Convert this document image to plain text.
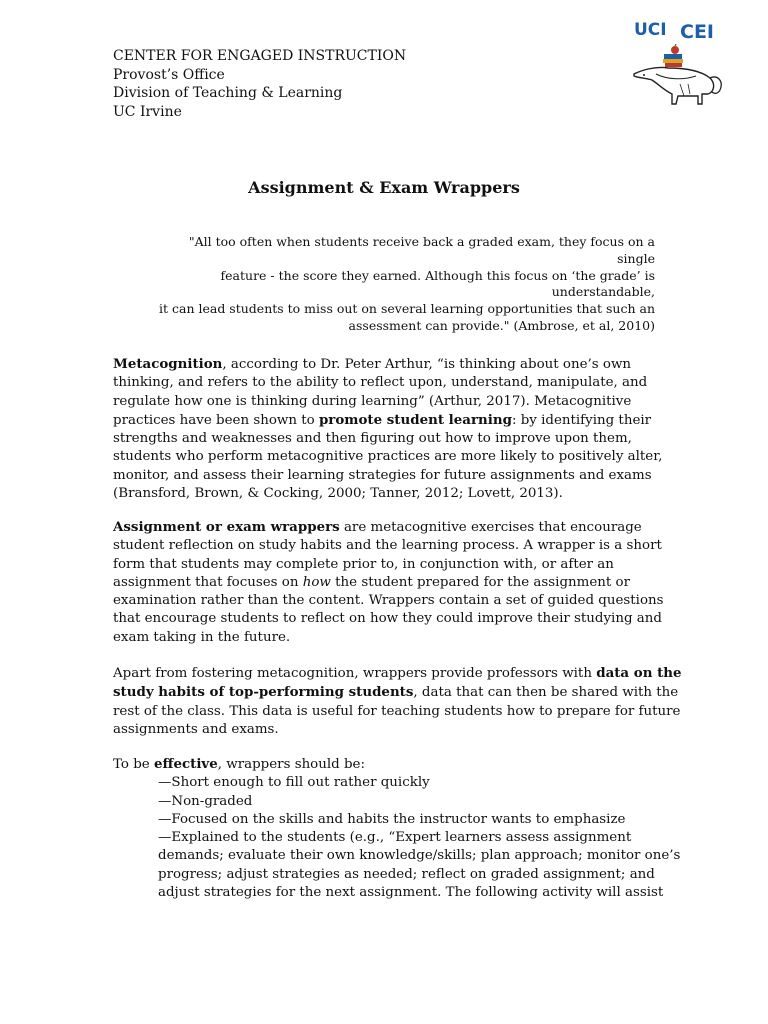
CENTER FOR ENGAGED INSTRUCTION
Provost’s Office
Division of Teaching & Learning
UC Irvine
UCI CEI
Assignment & Exam Wrappers
"All too often when students receive back a graded exam, they focus on a single
feature - the score they earned. Although this focus on ‘the grade’ is understandable,
it can lead students to miss out on several learning opportunities that such an
assessment can provide." (Ambrose, et al, 2010)
Metacognition, according to Dr. Peter Arthur, “is thinking about one’s own
thinking, and refers to the ability to reflect upon, understand, manipulate, and
regulate how one is thinking during learning” (Arthur, 2017). Metacognitive
practices have been shown to promote student learning: by identifying their
strengths and weaknesses and then figuring out how to improve upon them,
students who perform metacognitive practices are more likely to positively alter,
monitor, and assess their learning strategies for future assignments and exams
(Bransford, Brown, & Cocking, 2000; Tanner, 2012; Lovett, 2013).
Assignment or exam wrappers are metacognitive exercises that encourage
student reflection on study habits and the learning process. A wrapper is a short
form that students may complete prior to, in conjunction with, or after an
assignment that focuses on how the student prepared for the assignment or
examination rather than the content. Wrappers contain a set of guided questions
that encourage students to reflect on how they could improve their studying and
exam taking in the future.
Apart from fostering metacognition, wrappers provide professors with data on the
study habits of top-performing students, data that can then be shared with the
rest of the class. This data is useful for teaching students how to prepare for future
assignments and exams.
To be effective, wrappers should be:
—Short enough to fill out rather quickly
—Non-graded
—Focused on the skills and habits the instructor wants to emphasize
—Explained to the students (e.g., “Expert learners assess assignment
demands; evaluate their own knowledge/skills; plan approach; monitor one’s
progress; adjust strategies as needed; reflect on graded assignment; and
adjust strategies for the next assignment. The following activity will assist
